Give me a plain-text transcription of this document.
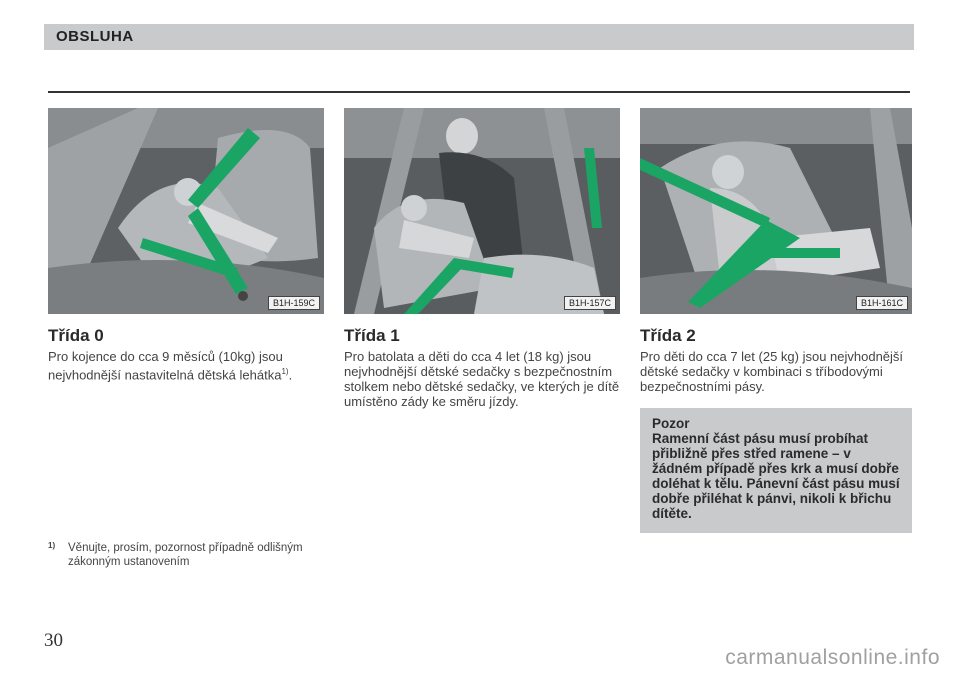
OBSLUHA
B1H-159C
Třída 0
Pro kojence do cca 9 měsíců (10kg) jsou nejvhodnější nastavitelná dětská lehátka$^{1)}$.
B1H-157C
Třída 1
Pro batolata a děti do cca 4 let (18 kg) jsou nejvhodnější dětské sedačky s bezpečnostním stolkem nebo dětské sedačky, ve kterých je dítě umístěno zády ke směru jízdy.
B1H-161C
Třída 2
Pro děti do cca 7 let (25 kg) jsou nejvhodnější dětské sedačky v kombinaci s tříbodovými bezpečnostními pásy.
Pozor
Ramenní část pásu musí probíhat přibližně přes střed ramene – v žádném případě přes krk a musí dobře doléhat k tělu. Pánevní část pásu musí dobře přiléhat k pánvi, nikoli k břichu dítěte.
1) Věnujte, prosím, pozornost případně odlišným zákonným ustanovením
30
carmanualsonline.info
